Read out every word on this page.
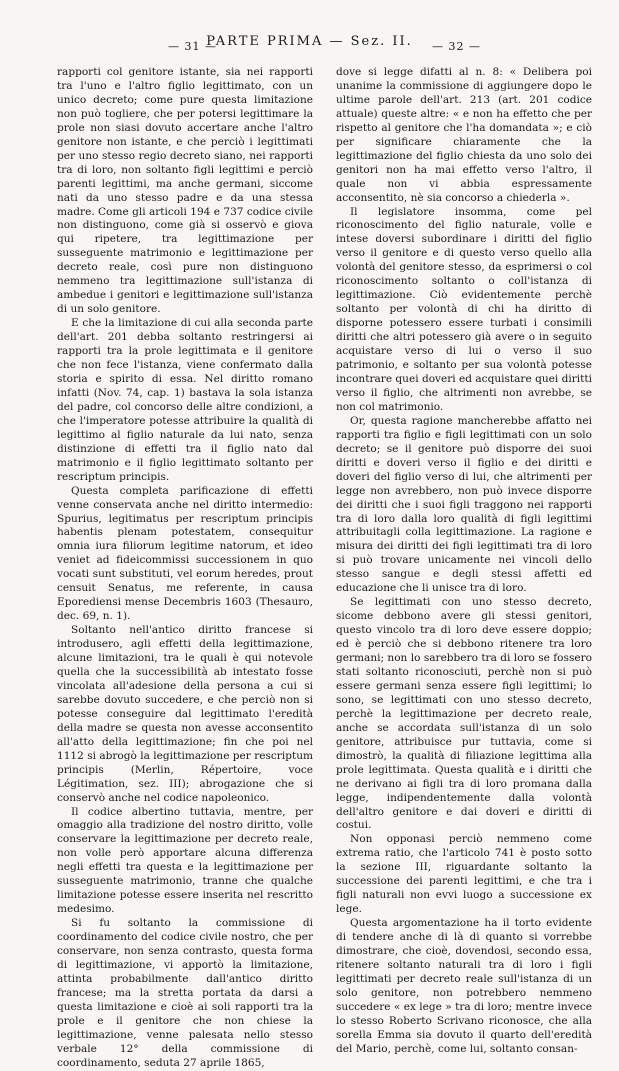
— 31 —
PARTE PRIMA — Sez. II.	— 32 —

rapporti col genitore istante, sia nei rapporti tra l'uno e l'altro figlio legittimato, con un unico decreto; come pure questa limitazione non può togliere, che per potersi legittimare la prole non siasi dovuto accertare anche l'altro genitore non istante, e che perciò i legittimati per uno stesso regio decreto siano, nei rapporti tra di loro, non soltanto figli legittimi e perciò parenti legittimi, ma anche germani, siccome nati da uno stesso padre e da una stessa madre. Come gli articoli 194 e 737 codice civile non distinguono, come già si osservò e giova qui ripetere, tra legittimazione per susseguente matrimonio e legittimazione per decreto reale, così pure non distinguono nemmeno tra legittimazione sull'istanza di ambedue i genitori e legittimazione sull'istanza di un solo genitore.

E che la limitazione di cui alla seconda parte dell'art. 201 debba soltanto restringersi ai rapporti tra la prole legittimata e il genitore che non fece l'istanza, viene confermato dalla storia e spirito di essa. Nel diritto romano infatti (Nov. 74, cap. 1) bastava la sola istanza del padre, col concorso delle altre condizioni, a che l'imperatore potesse attribuire la qualità di legittimo al figlio naturale da lui nato, senza distinzione di effetti tra il figlio nato dal matrimonio e il figlio legittimato soltanto per rescriptum principis.

Questa completa parificazione di effetti venne conservata anche nel diritto intermedio: Spurius, legitimatus per rescriptum principis habentis plenam potestatem, consequitur omnia iura filiorum legitime natorum, et ideo veniet ad fideicommissi successionem in quo vocati sunt substituti, vel eorum heredes, prout censuit Senatus, me referente, in causa Eporediensi mense Decembris 1603 (Thesauro, dec. 69, n. 1).

Soltanto nell'antico diritto francese si introdusero, agli effetti della legittimazione, alcune limitazioni, tra le quali è qui notevole quella che la successibilità ab intestato fosse vincolata all'adesione della persona a cui si sarebbe dovuto succedere, e che perciò non si potesse conseguire dal legittimato l'eredità della madre se questa non avesse acconsentito all'atto della legittimazione; fin che poi nel 1112 si abrogò la legittimazione per rescriptum principis (Merlin, Répertoire, voce Légitimation, sez. III); abrogazione che si conservò anche nel codice napoleonico.

Il codice albertino tuttavia, mentre, per omaggio alla tradizione del nostro diritto, volle conservare la legittimazione per decreto reale, non volle però apportare alcuna differenza negli effetti tra questa e la legittimazione per susseguente matrimonio, tranne che qualche limitazione potesse essere inserita nel rescritto medesimo.

Si fu soltanto la commissione di coordinamento del codice civile nostro, che per conservare, non senza contrasto, questa forma di legittimazione, vi apportò la limitazione, attinta probabilmente dall'antico diritto francese; ma la stretta portata da darsi a questa limitazione e cioè ai soli rapporti tra la prole e il genitore che non chiese la legittimazione, venne palesata nello stesso verbale 12° della commissione di coordinamento, seduta 27 aprile 1865,

dove si legge difatti al n. 8: « Delibera poi unanime la commissione di aggiungere dopo le ultime parole dell'art. 213 (art. 201 codice attuale) queste altre: « e non ha effetto che per rispetto al genitore che l'ha domandata »; e ciò per significare chiaramente che la legittimazione del figlio chiesta da uno solo dei genitori non ha mai effetto verso l'altro, il quale non vi abbia espressamente acconsentito, nè sia concorso a chiederla ».

Il legislatore insomma, come pel riconoscimento del figlio naturale, volle e intese doversi subordinare i diritti del figlio verso il genitore e di questo verso quello alla volontà del genitore stesso, da esprimersi o col riconoscimento soltanto o coll'istanza di legittimazione. Ciò evidentemente perchè soltanto per volontà di chi ha diritto di disporne potessero essere turbati i consimili diritti che altri potessero già avere o in seguito acquistare verso di lui o verso il suo patrimonio, e soltanto per sua volontà potesse incontrare quei doveri ed acquistare quei diritti verso il figlio, che altrimenti non avrebbe, se non col matrimonio.

Or, questa ragione mancherebbe affatto nei rapporti tra figlio e figli legittimati con un solo decreto; se il genitore può disporre dei suoi diritti e doveri verso il figlio e dei diritti e doveri del figlio verso di lui, che altrimenti per legge non avrebbero, non può invece disporre dei diritti che i suoi figli traggono nei rapporti tra di loro dalla loro qualità di figli legittimi attribuitagli colla legittimazione. La ragione e misura dei diritti dei figli legittimati tra di loro si può trovare unicamente nei vincoli dello stesso sangue e degli stessi affetti ed educazione che li unisce tra di loro.

Se legittimati con uno stesso decreto, sicome debbono avere gli stessi genitori, questo vincolo tra di loro deve essere doppio; ed è perciò che si debbono ritenere tra loro germani; non lo sarebbero tra di loro se fossero stati soltanto riconosciuti, perchè non si può essere germani senza essere figli legittimi; lo sono, se legittimati con uno stesso decreto, perchè la legittimazione per decreto reale, anche se accordata sull'istanza di un solo genitore, attribuisce pur tuttavia, come si dimostrò, la qualità di filiazione legittima alla prole legittimata. Questa qualità e i diritti che ne derivano ai figli tra di loro promana dalla legge, indipendentemente dalla volontà dell'altro genitore e dai doveri e diritti di costui.

Non opponasi perciò nemmeno come extrema ratio, che l'articolo 741 è posto sotto la sezione III, riguardante soltanto la successione dei parenti legittimi, e che tra i figli naturali non evvi luogo a successione ex lege.

Questa argomentazione ha il torto evidente di tendere anche di là di quanto si vorrebbe dimostrare, che cioè, dovendosi, secondo essa, ritenere soltanto naturali tra di loro i figli legittimati per decreto reale sull'istanza di un solo genitore, non potrebbero nemmeno succedere « ex lege » tra di loro; mentre invece lo stesso Roberto Scrivano riconosce, che alla sorella Emma sia dovuto il quarto dell'eredità del Mario, perchè, come lui, soltanto consan-
